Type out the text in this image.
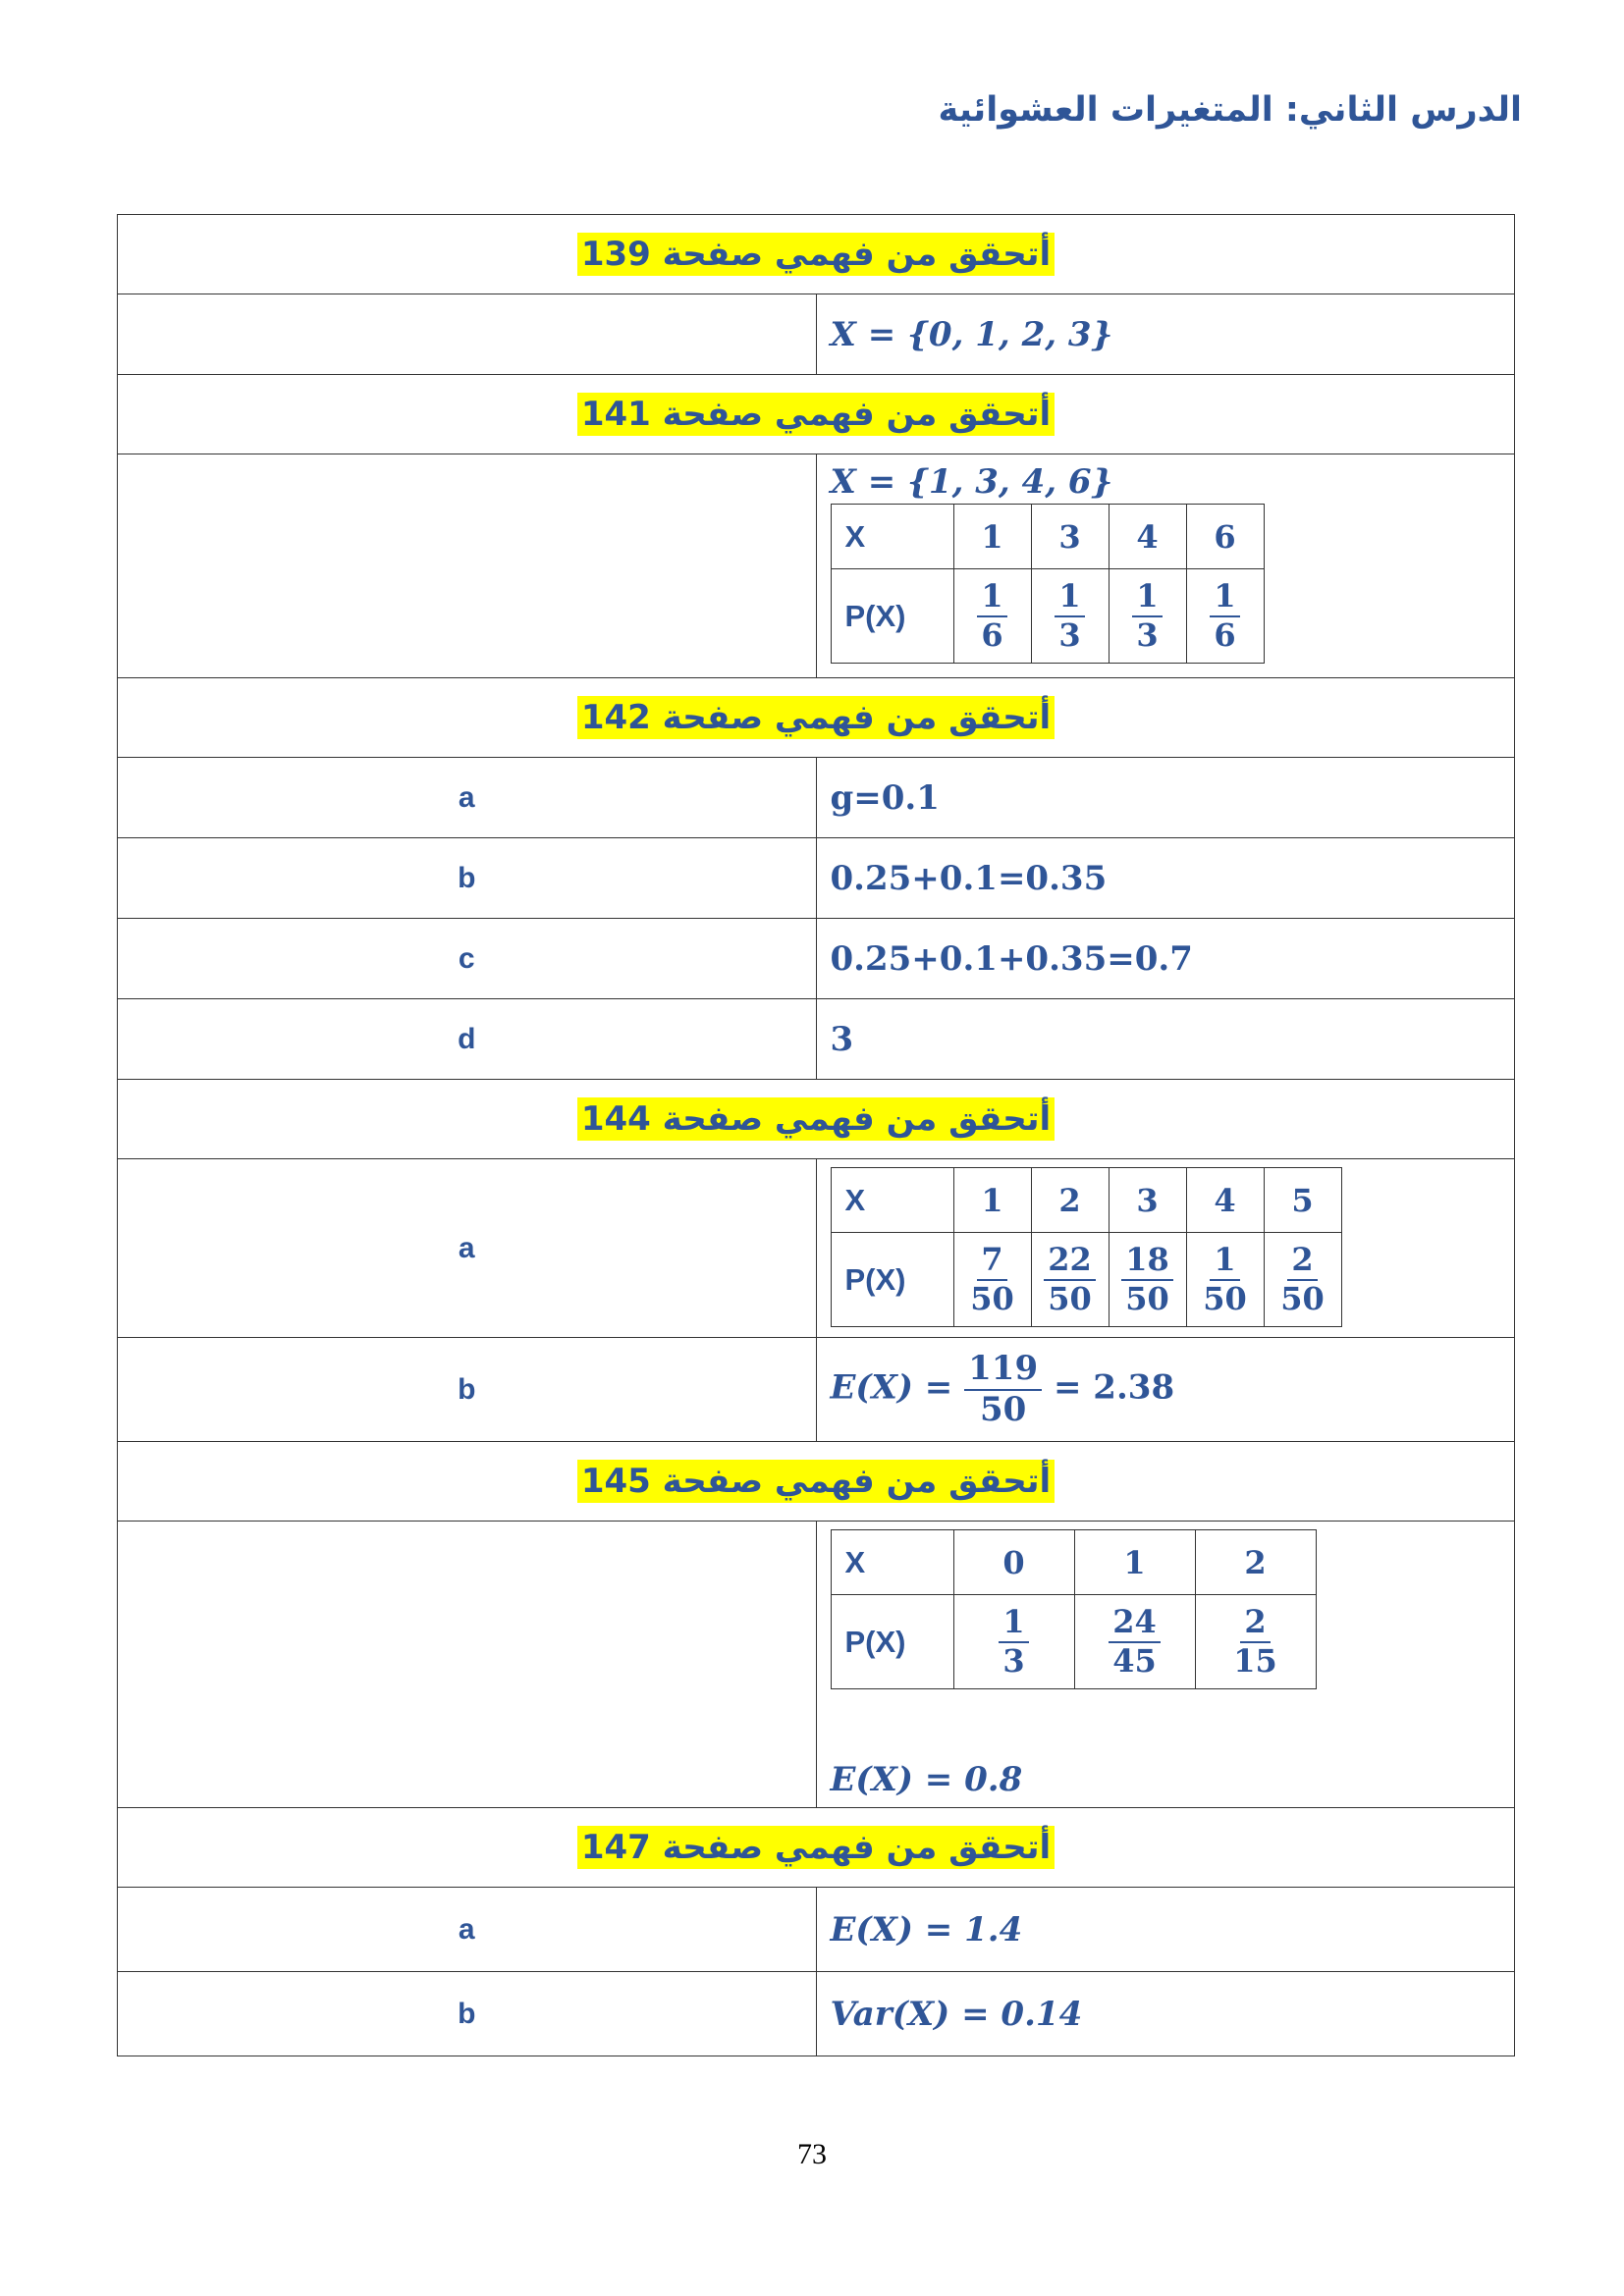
الدرس الثاني: المتغيرات العشوائية
أتحقق من فهمي صفحة 139
	X = {0, 1, 2, 3}
أتحقق من فهمي صفحة 141

X = {1, 3, 4, 6}
X	1	3	4	6
P(X)	$\frac{1}{6}$	$\frac{1}{3}$	$\frac{1}{3}$	$\frac{1}{6}$

أتحقق من فهمي صفحة 142
a	g=0.1
b	0.25+0.1=0.35
c	0.25+0.1+0.35=0.7
d	3
أتحقق من فهمي صفحة 144
a	
X	1	2	3	4	5
P(X)	$\frac{7}{50}$	$\frac{22}{50}$	$\frac{18}{50}$	$\frac{1}{50}$	$\frac{2}{50}$

b	$E(X) = \frac{119}{50} = 2.38$
أتحقق من فهمي صفحة 145

X	0	1	2
P(X)	$\frac{1}{3}$	$\frac{24}{45}$	$\frac{2}{15}$
E(X) = 0.8

أتحقق من فهمي صفحة 147
a	E(X) = 1.4
b	Var(X) = 0.14
73
